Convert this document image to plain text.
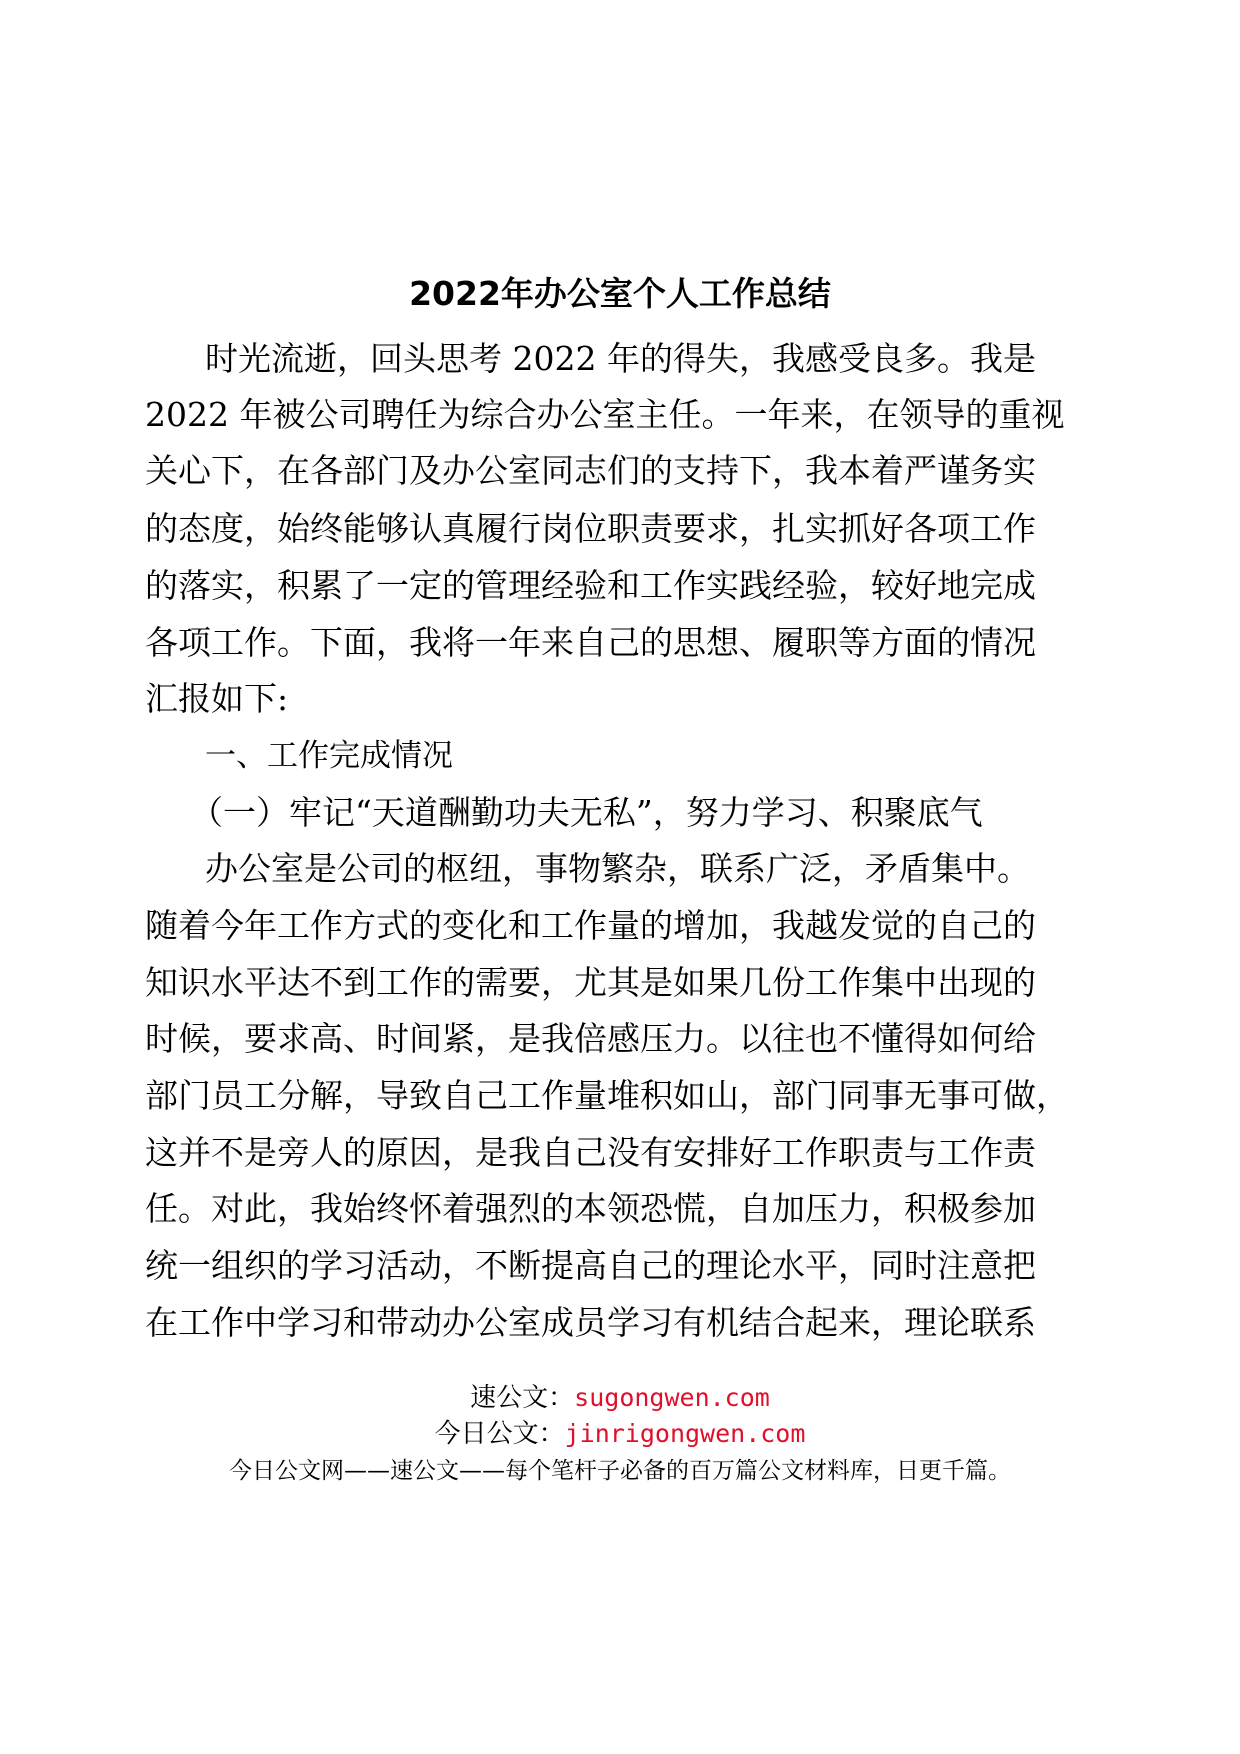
2022年办公室个人工作总结
时光流逝，回头思考 2022 年的得失，我感受良多。我是
2022 年被公司聘任为综合办公室主任。一年来，在领导的重视
关心下，在各部门及办公室同志们的支持下，我本着严谨务实
的态度，始终能够认真履行岗位职责要求，扎实抓好各项工作
的落实，积累了一定的管理经验和工作实践经验，较好地完成
各项工作。下面，我将一年来自己的思想、履职等方面的情况
汇报如下:
一、工作完成情况
（一）牢记“天道酬勤功夫无私”，努力学习、积聚底气
办公室是公司的枢纽，事物繁杂，联系广泛，矛盾集中。
随着今年工作方式的变化和工作量的增加，我越发觉的自己的
知识水平达不到工作的需要，尤其是如果几份工作集中出现的
时候，要求高、时间紧，是我倍感压力。以往也不懂得如何给
部门员工分解，导致自己工作量堆积如山，部门同事无事可做，
这并不是旁人的原因，是我自己没有安排好工作职责与工作责
任。对此，我始终怀着强烈的本领恐慌，自加压力，积极参加
统一组织的学习活动，不断提高自己的理论水平，同时注意把
在工作中学习和带动办公室成员学习有机结合起来，理论联系
速公文：sugongwen.com
今日公文：jinrigongwen.com
今日公文网——速公文——每个笔杆子必备的百万篇公文材料库，日更千篇。
